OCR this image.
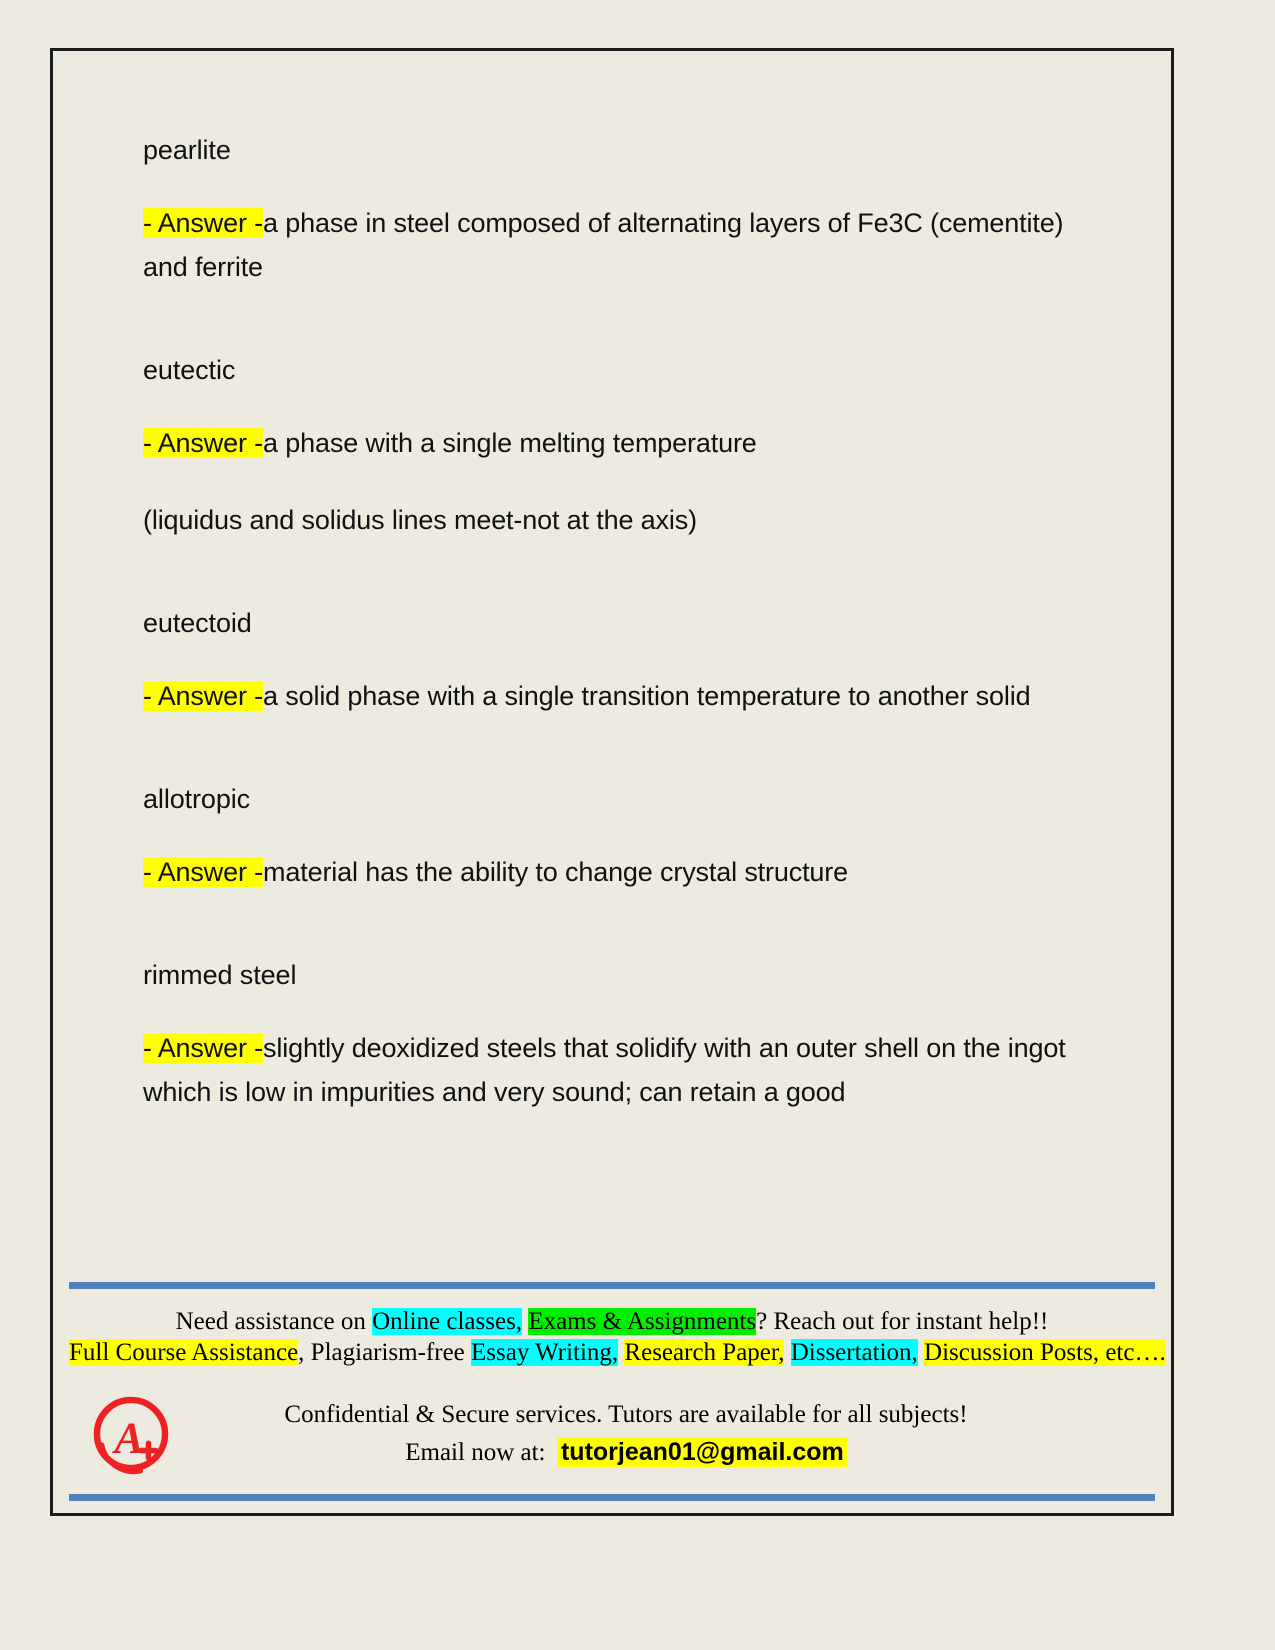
pearlite
- Answer -a phase in steel composed of alternating layers of Fe3C (cementite) and ferrite
eutectic
- Answer -a phase with a single melting temperature
(liquidus and solidus lines meet-not at the axis)
eutectoid
- Answer -a solid phase with a single transition temperature to another solid
allotropic
- Answer -material has the ability to change crystal structure
rimmed steel
- Answer -slightly deoxidized steels that solidify with an outer shell on the ingot which is low in impurities and very sound; can retain a good
Need assistance on Online classes, Exams & Assignments? Reach out for instant help!!
Full Course Assistance, Plagiarism-free Essay Writing, Research Paper, Dissertation, Discussion Posts, etc….
A	Confidential & Secure services. Tutors are available for all subjects!
Email now at: tutorjean01@gmail.com
